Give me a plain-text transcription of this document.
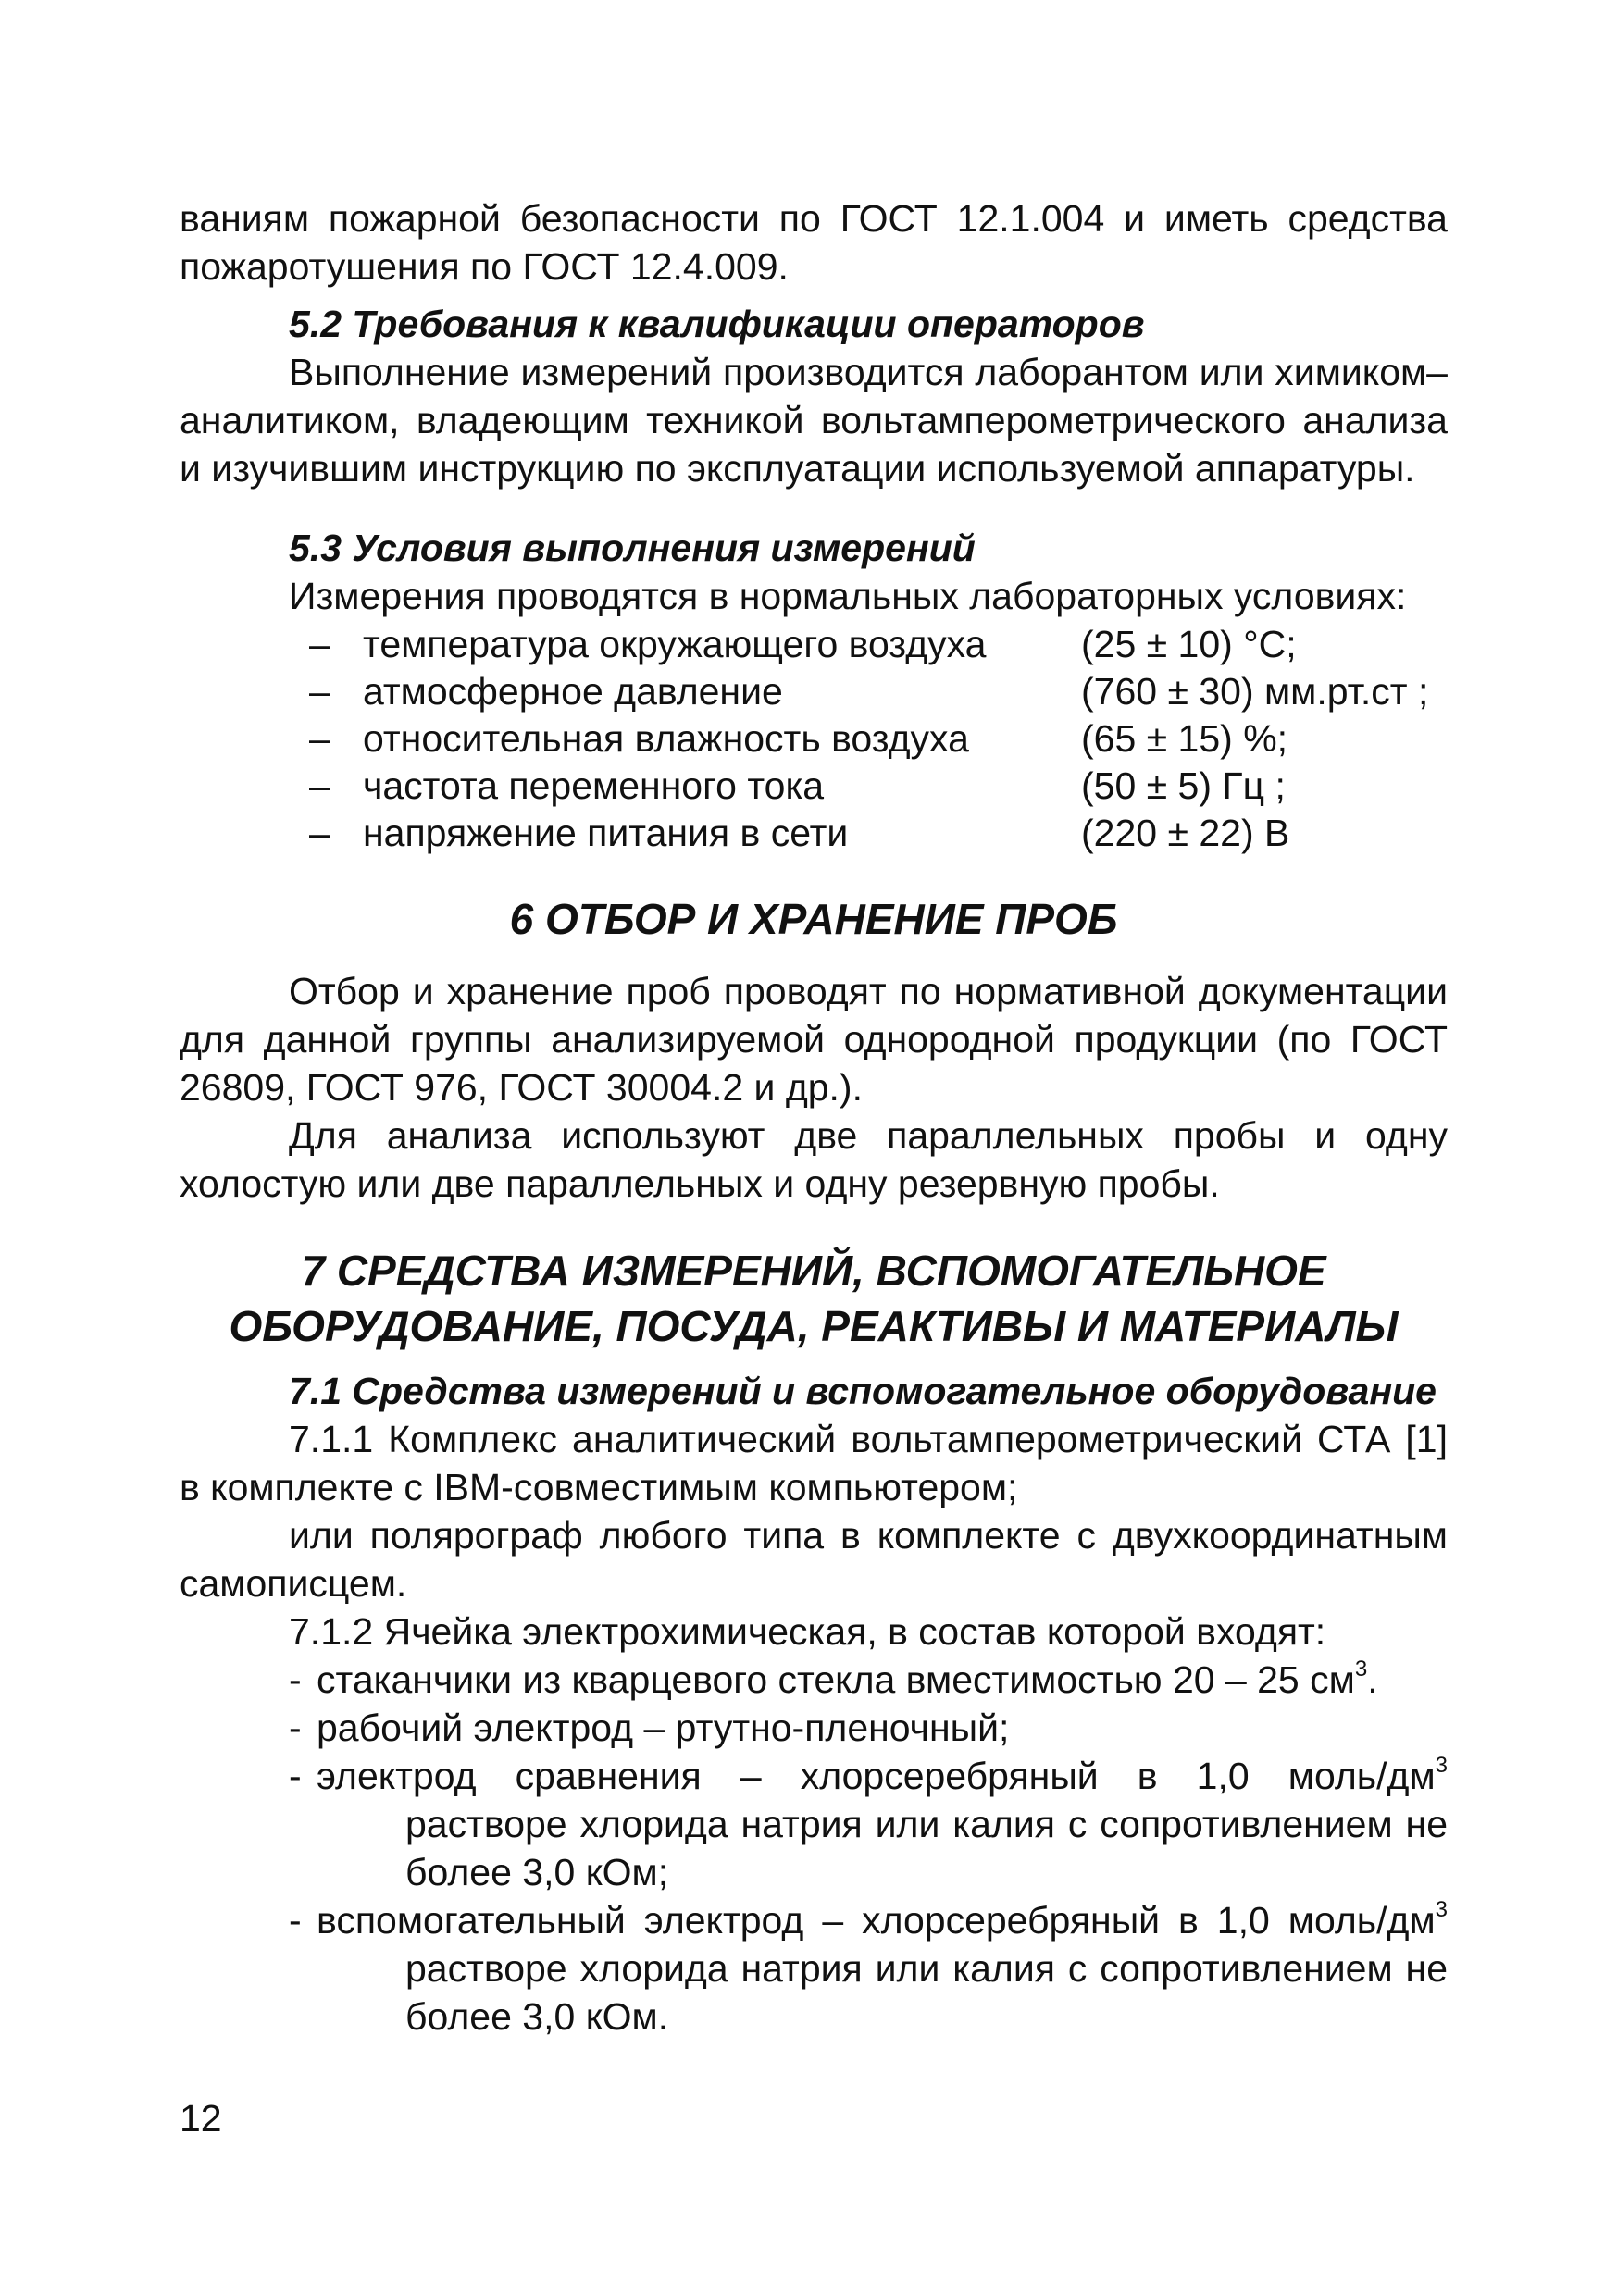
ваниям пожарной безопасности по ГОСТ 12.1.004 и иметь средства пожаротушения по ГОСТ 12.4.009.

5.2 Требования к квалификации операторов

Выполнение измерений производится лаборантом или химиком–аналитиком, владеющим техникой вольтамперометрического анализа и изучившим инструкцию по эксплуатации используемой аппаратуры.

5.3 Условия выполнения измерений

Измерения проводятся в нормальных лабораторных условиях:

– температура окружающего воздуха	(25 ± 10) °С;
– атмосферное давление	(760 ± 30) мм.рт.ст ;
– относительная влажность воздуха	(65 ± 15) %;
– частота переменного тока	(50 ± 5) Гц ;
– напряжение питания в сети	(220 ± 22) В

6 ОТБОР И ХРАНЕНИЕ ПРОБ

Отбор и хранение проб проводят по нормативной документации для данной группы анализируемой однородной продукции (по ГОСТ 26809, ГОСТ 976, ГОСТ 30004.2 и др.).

Для анализа используют две параллельных пробы и одну холостую или две параллельных и одну резервную пробы.

7 СРЕДСТВА ИЗМЕРЕНИЙ, ВСПОМОГАТЕЛЬНОЕ
ОБОРУДОВАНИЕ, ПОСУДА, РЕАКТИВЫ И МАТЕРИАЛЫ

7.1 Средства измерений и вспомогательное оборудование

7.1.1 Комплекс аналитический вольтамперометрический СТА [1] в комплекте с IBM-совместимым компьютером;

или полярограф любого типа в комплекте с двухкоординатным самописцем.

7.1.2 Ячейка электрохимическая, в состав которой входят:

- стаканчики из кварцевого стекла вместимостью 20 – 25 $см^3$.
- рабочий электрод – ртутно-пленочный;
- электрод сравнения – хлорсеребряный в 1,0 моль/$дм^3$ растворе хлорида натрия или калия с сопротивлением не более 3,0 кОм;
- вспомогательный электрод – хлорсеребряный в 1,0 моль/$дм^3$ растворе хлорида натрия или калия с сопротивлением не более 3,0 кОм.
12
